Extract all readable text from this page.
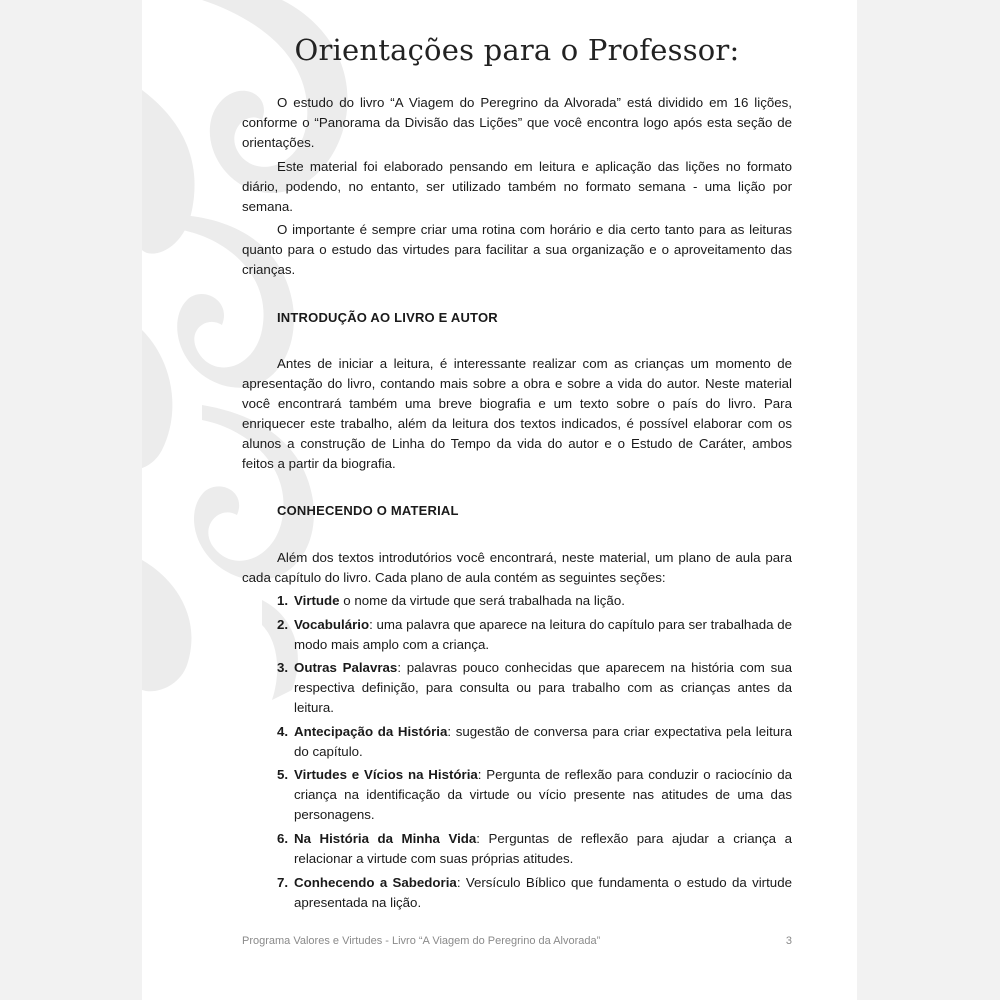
Orientações para o Professor:

O estudo do livro “A Viagem do Peregrino da Alvorada” está dividido em 16 lições, conforme o “Panorama da Divisão das Lições” que você encontra logo após esta seção de orientações.

Este material foi elaborado pensando em leitura e aplicação das lições no formato diário, podendo, no entanto, ser utilizado também no formato semana - uma lição por semana.

O importante é sempre criar uma rotina com horário e dia certo tanto para as leituras quanto para o estudo das virtudes para facilitar a sua organização e o aproveitamento das crianças.

INTRODUÇÃO AO LIVRO E AUTOR

Antes de iniciar a leitura, é interessante realizar com as crianças um momento de apresentação do livro, contando mais sobre a obra e sobre a vida do autor. Neste material você encontrará também uma breve biografia e um texto sobre o país do livro. Para enriquecer este trabalho, além da leitura dos textos indicados, é possível elaborar com os alunos a construção de Linha do Tempo da vida do autor e o Estudo de Caráter, ambos feitos a partir da biografia.

CONHECENDO O MATERIAL

Além dos textos introdutórios você encontrará, neste material, um plano de aula para cada capítulo do livro. Cada plano de aula contém as seguintes seções:

1. Virtude o nome da virtude que será trabalhada na lição.
2. Vocabulário: uma palavra que aparece na leitura do capítulo para ser trabalhada de modo mais amplo com a criança.
3. Outras Palavras: palavras pouco conhecidas que aparecem na história com sua respectiva definição, para consulta ou para trabalho com as crianças antes da leitura.
4. Antecipação da História: sugestão de conversa para criar expectativa pela leitura do capítulo.
5. Virtudes e Vícios na História: Pergunta de reflexão para conduzir o raciocínio da criança na identificação da virtude ou vício presente nas atitudes de uma das personagens.
6. Na História da Minha Vida: Perguntas de reflexão para ajudar a criança a relacionar a virtude com suas próprias atitudes.
7. Conhecendo a Sabedoria: Versículo Bíblico que fundamenta o estudo da virtude apresentada na lição.
Programa Valores e Virtudes - Livro “A Viagem do Peregrino da Alvorada”	3
